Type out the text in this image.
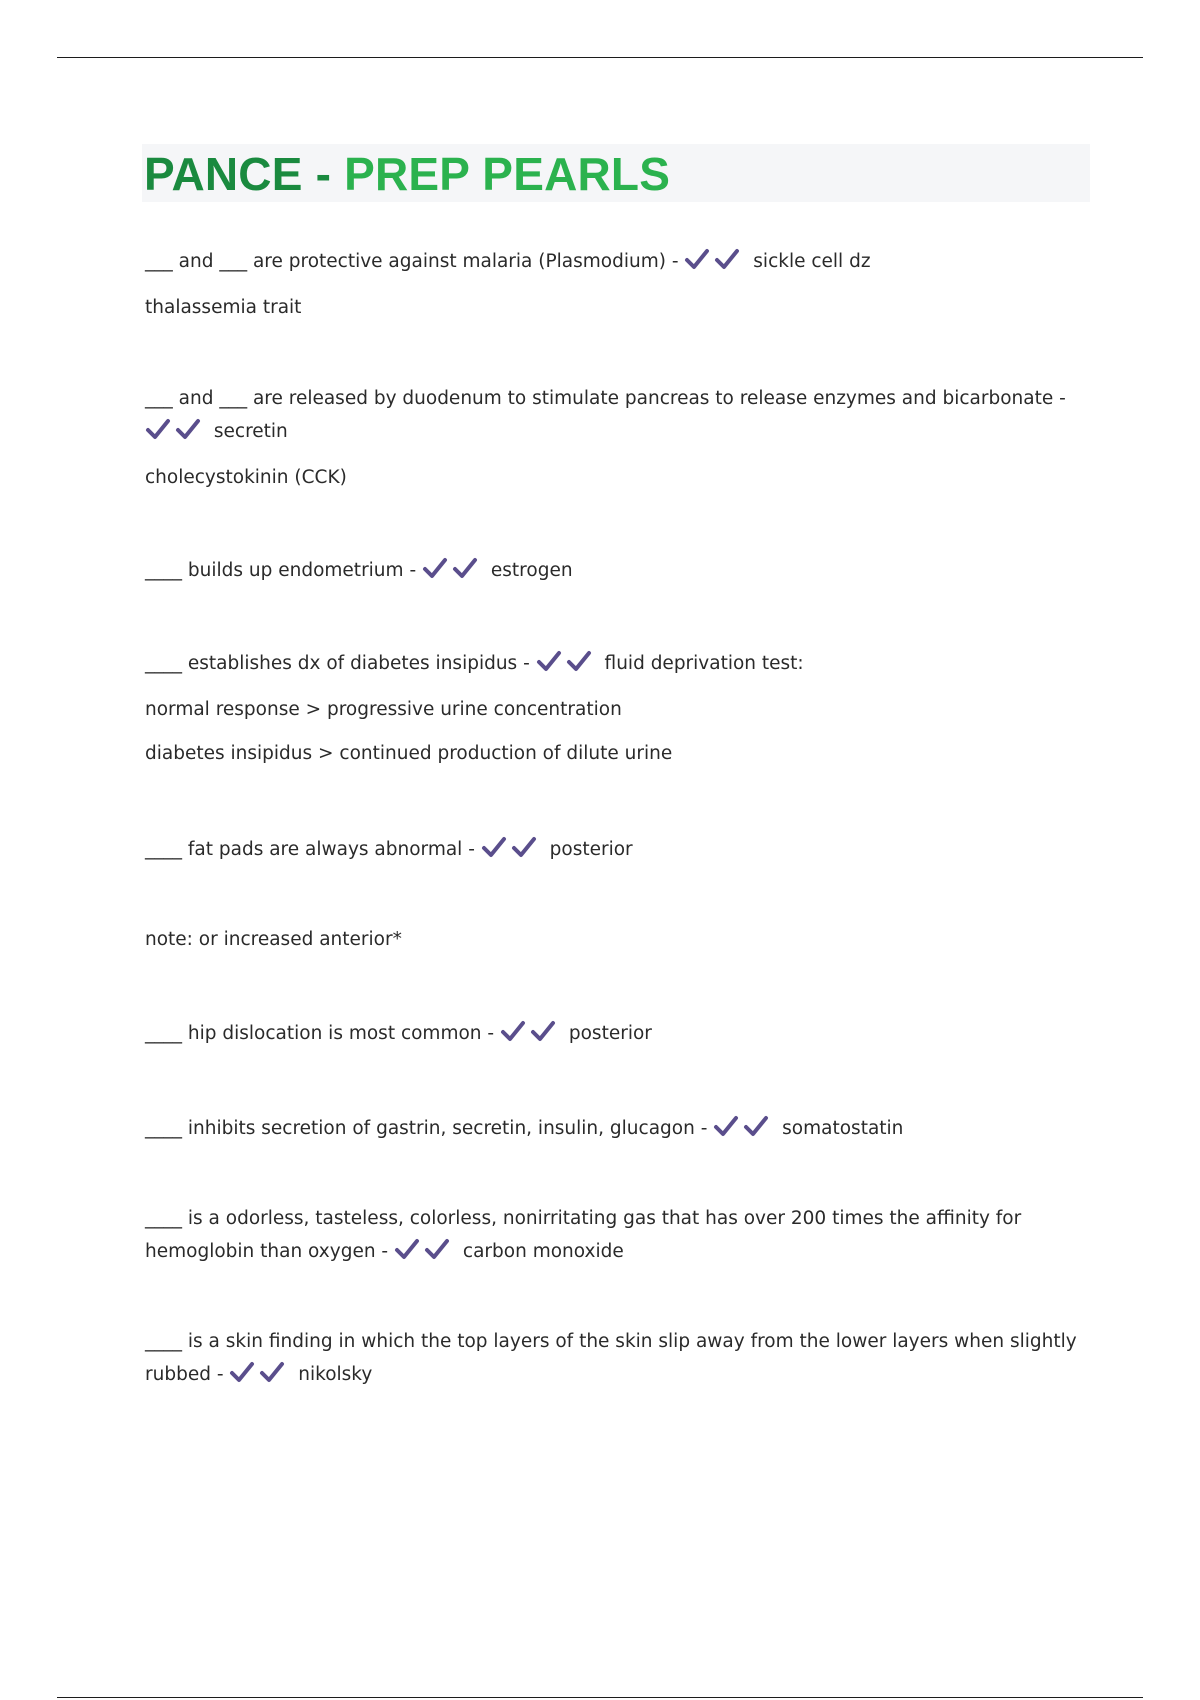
PANCE - PREP PEARLS
___ and ___ are protective against malaria (Plasmodium) -	sickle cell dz
thalassemia trait
___ and ___ are released by duodenum to stimulate pancreas to release enzymes and bicarbonate -
secretin
cholecystokinin (CCK)
____ builds up endometrium -	estrogen
____ establishes dx of diabetes insipidus -	fluid deprivation test:
normal response > progressive urine concentration
diabetes insipidus > continued production of dilute urine
____ fat pads are always abnormal -	posterior
note: or increased anterior*
____ hip dislocation is most common -	posterior
____ inhibits secretion of gastrin, secretin, insulin, glucagon -	somatostatin
____ is a odorless, tasteless, colorless, nonirritating gas that has over 200 times the affinity for
hemoglobin than oxygen -	carbon monoxide
____ is a skin finding in which the top layers of the skin slip away from the lower layers when slightly
rubbed -	nikolsky
